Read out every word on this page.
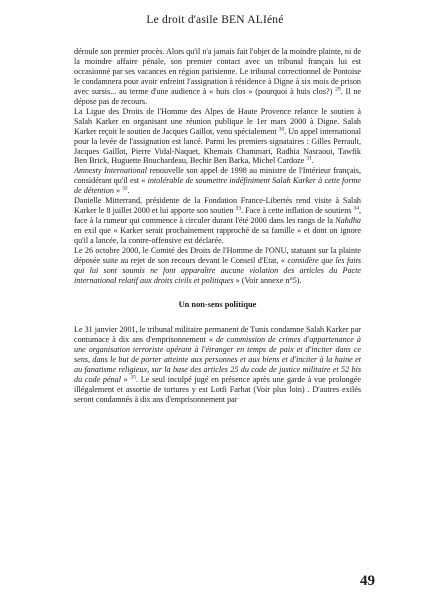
Le droit d'asile BEN ALIéné

déroule son premier procès. Alors qu'il n'a jamais fait l'objet de la moindre plainte, ni de la moindre affaire pénale, son premier contact avec un tribunal français lui est occasionné par ses vacances en région parisienne. Le tribunal correctionnel de Pontoise le condamnera pour avoir enfreint l'assignation à résidence à Digne à six mois de prison avec sursis... au terme d'une audience à « huis clos » (pourquoi à huis clos?) $^{29}$. Il ne dépose pas de recours.

La Ligue des Droits de l'Homme des Alpes de Haute Provence relance le soutien à Salah Karker en organisant une réunion publique le 1er mars 2000 à Digne. Salah Karker reçoit le soutien de Jacques Gaillot, venu spécialement $^{30}$. Un appel international pour la levée de l'assignation est lancé. Parmi les premiers signataires : Gilles Perrault, Jacques Gaillot, Pierre Vidal-Naquet, Khemais Chammari, Radhia Nasraoui, Tawfik Ben Brick, Huguette Bouchardeau, Bechir Ben Barka, Michel Cardoze $^{31}$.

Amnesty International renouvelle son appel de 1998 au ministre de l'Intérieur français, considérant qu'il est « intolérable de soumettre indéfiniment Salah Karker à cette forme de détention » $^{32}$.

Danielle Mitterrand, présidente de la Fondation France-Libertés rend visite à Salah Karker le 8 juillet 2000 et lui apporte son soutien $^{33}$. Face à cette inflation de soutiens $^{34}$, face à la rumeur qui commence à circuler durant l'été 2000 dans les rangs de la Nahdha en exil que « Karker serait prochainement rapproché de sa famille » et dont on ignore qu'il a lancée, la contre-offensive est déclarée.

Le 26 octobre 2000, le Comité des Droits de l'Homme de l'ONU, statuant sur la plainte déposée suite au rejet de son recours devant le Conseil d'Etat, « considère que les faits qui lui sont soumis ne font apparaître aucune violation des articles du Pacte international relatif aux droits civils et politiques » (Voir annexe n°5).

Un non-sens politique

Le 31 janvier 2001, le tribunal militaire permanent de Tunis condamne Salah Karker par contumace à dix ans d'emprisonnement « de commission de crimes d'appartenance à une organisation terroriste opérant à l'étranger en temps de paix et d'inciter dans ce sens, dans le but de porter atteinte aux personnes et aux biens et d'inciter à la haine et au fanatisme religieux, sur la base des articles 25 du code de justice militaire et 52 bis du code pénal » $^{35}$. Le seul inculpé jugé en présence après une garde à vue prolongée illégalement et assortie de tortures y est Lotfi Farhat (Voir plus loin) . D'autres exilés seront condamnés à dix ans d'emprisonnement par

49
